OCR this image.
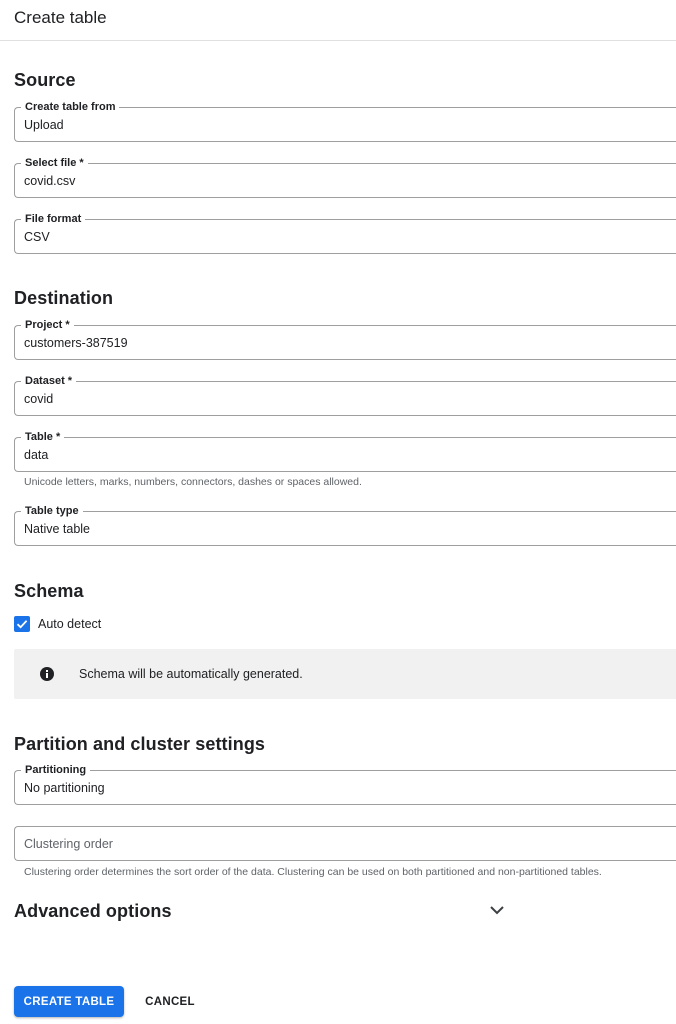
Create table
Source
Create table from
Upload
Select file *
covid.csv
File format
CSV
Destination
Project *
customers-387519
Dataset *
covid
Table *
data
Unicode letters, marks, numbers, connectors, dashes or spaces allowed.
Table type
Native table
Schema
Auto detect
Schema will be automatically generated.
Partition and cluster settings
Partitioning
No partitioning
Clustering order
Clustering order determines the sort order of the data. Clustering can be used on both partitioned and non-partitioned tables.
Advanced options
CREATE TABLE	CANCEL
